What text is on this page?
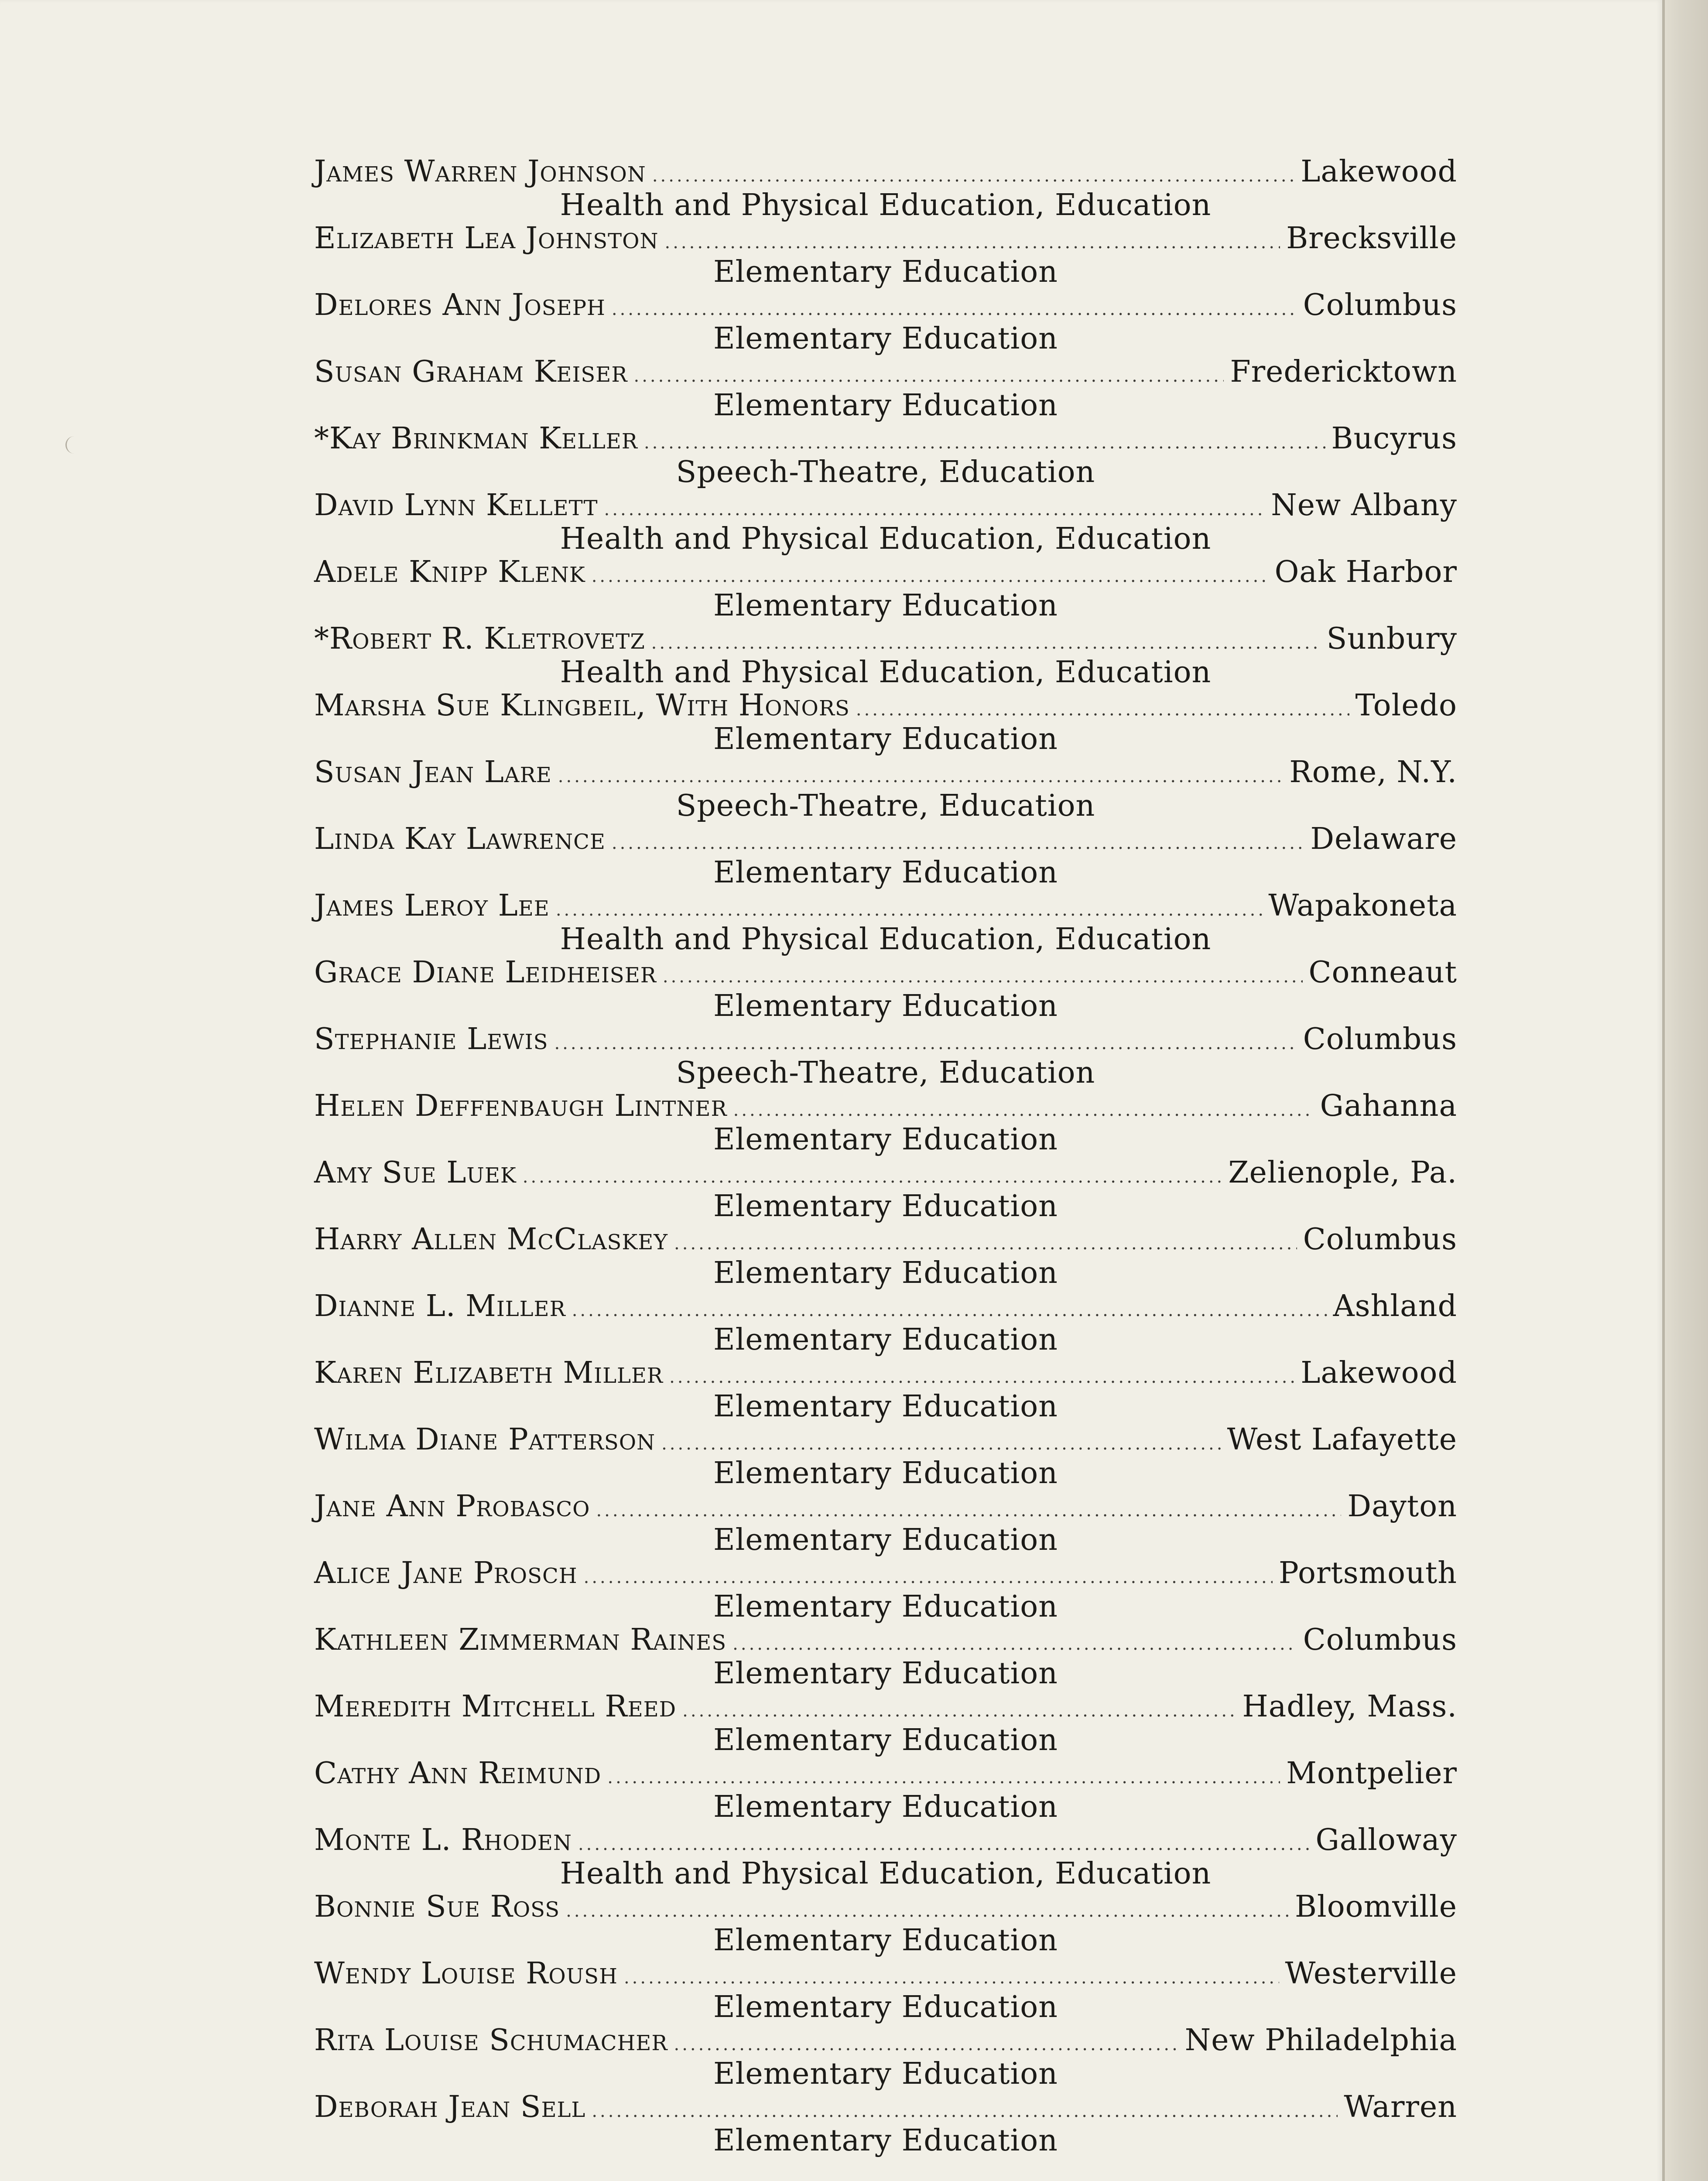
James Warren Johnson .....	Lakewood
Health and Physical Education, Education
Elizabeth Lea Johnston .....	Brecksville
Elementary Education
Delores Ann Joseph .....	Columbus
Elementary Education
Susan Graham Keiser .....	Fredericktown
Elementary Education
*Kay Brinkman Keller .....	Bucyrus
Speech-Theatre, Education
David Lynn Kellett .....	New Albany
Health and Physical Education, Education
Adele Knipp Klenk .....	Oak Harbor
Elementary Education
*Robert R. Kletrovetz .....	Sunbury
Health and Physical Education, Education
Marsha Sue Klingbeil, With Honors .....	Toledo
Elementary Education
Susan Jean Lare .....	Rome, N.Y.
Speech-Theatre, Education
Linda Kay Lawrence .....	Delaware
Elementary Education
James Leroy Lee .....	Wapakoneta
Health and Physical Education, Education
Grace Diane Leidheiser .....	Conneaut
Elementary Education
Stephanie Lewis .....	Columbus
Speech-Theatre, Education
Helen Deffenbaugh Lintner .....	Gahanna
Elementary Education
Amy Sue Luek .....	Zelienople, Pa.
Elementary Education
Harry Allen McClaskey .....	Columbus
Elementary Education
Dianne L. Miller .....	Ashland
Elementary Education
Karen Elizabeth Miller .....	Lakewood
Elementary Education
Wilma Diane Patterson .....	West Lafayette
Elementary Education
Jane Ann Probasco .....	Dayton
Elementary Education
Alice Jane Prosch .....	Portsmouth
Elementary Education
Kathleen Zimmerman Raines .....	Columbus
Elementary Education
Meredith Mitchell Reed .....	Hadley, Mass.
Elementary Education
Cathy Ann Reimund .....	Montpelier
Elementary Education
Monte L. Rhoden .....	Galloway
Health and Physical Education, Education
Bonnie Sue Ross .....	Bloomville
Elementary Education
Wendy Louise Roush .....	Westerville
Elementary Education
Rita Louise Schumacher .....	New Philadelphia
Elementary Education
Deborah Jean Sell .....	Warren
Elementary Education
